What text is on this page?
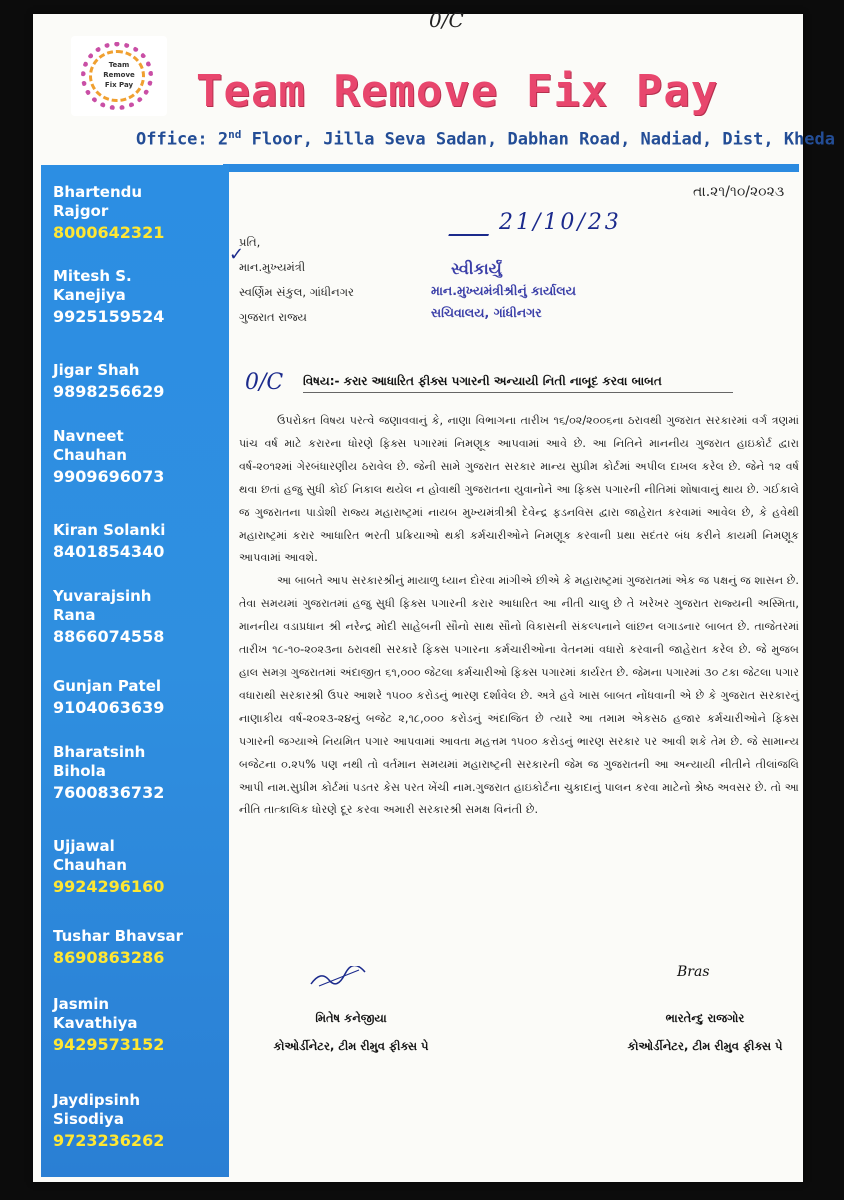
0/C
Team
Remove
Fix Pay Team Remove Fix Pay
Office: 2nd Floor, Jilla Seva Sadan, Dabhan Road, Nadiad, Dist, Kheda
Bhartendu
Rajgor
8000642321
Mitesh S.
Kanejiya
9925159524
Jigar Shah
9898256629
Navneet
Chauhan
9909696073
Kiran Solanki
8401854340
Yuvarajsinh
Rana
8866074558
Gunjan Patel
9104063639
Bharatsinh
Bihola
7600836732
Ujjawal
Chauhan
9924296160
Tushar Bhavsar
8690863286
Jasmin
Kavathiya
9429573152
Jaydipsinh
Sisodiya
9723236262
તા.૨૧/૧૦/૨૦૨૩
✓
પ્રતિ,
માન.મુખ્યમંત્રી
સ્વર્ણિમ સંકુલ, ગાંધીનગર
ગુજરાત રાજ્ય
21/10/23
સ્વીકાર્યું
માન.મુખ્યમંત્રીશ્રીનું કાર્યાલય
સચિવાલય, ગાંધીનગર
0/C વિષય:- કરાર આધારિત ફીક્સ પગારની અન્યાયી નિતી નાબૂદ કરવા બાબત

ઉપરોક્ત વિષય પરત્વે જણાવવાનું કે, નાણા વિભાગના તારીખ ૧૬/૦૨/૨૦૦૬ના ઠરાવથી ગુજરાત સરકારમાં વર્ગ ત્રણમાં પાંચ વર્ષ માટે કરારના ધોરણે ફિક્સ પગારમાં નિમણૂક આપવામાં આવે છે. આ નિતિને માનનીય ગુજરાત હાઇકોર્ટ દ્વારા વર્ષ-૨૦૧૨માં ગેરબંધારણીય ઠરાવેલ છે. જેની સામે ગુજરાત સરકાર માન્ય સુપ્રીમ કોર્ટમાં અપીલ દાખલ કરેલ છે. જેને ૧૨ વર્ષ થવા છતાં હજુ સુધી કોઈ નિકાલ થયેલ ન હોવાથી ગુજરાતના યુવાનોને આ ફિક્સ પગારની નીતિમાં શોષાવાનું થાય છે. ગઈકાલે જ ગુજરાતના પાડોશી રાજ્ય મહારાષ્ટ્રમાં નાયબ મુખ્યમંત્રીશ્રી દેવેન્દ્ર ફડનવિસ દ્વારા જાહેરાત કરવામાં આવેલ છે, કે હવેથી મહારાષ્ટ્રમાં કરાર આધારિત ભરતી પ્રક્રિયાઓ થકી કર્મચારીઓને નિમણૂક કરવાની પ્રથા સદંતર બંધ કરીને કાયમી નિમણૂક આપવામાં આવશે.

આ બાબતે આપ સરકારશ્રીનું માયાળુ ધ્યાન દોરવા માંગીએ છીએ કે મહારાષ્ટ્રમાં ગુજરાતમાં એક જ પક્ષનું જ શાસન છે. તેવા સમયમાં ગુજરાતમાં હજુ સુધી ફિક્સ પગારની કરાર આધારિત આ નીતી ચાલુ છે તે ખરેખર ગુજરાત રાજ્યની અસ્મિતા, માનનીય વડાપ્રધાન શ્રી નરેન્દ્ર મોદી સાહેબની સૌનો સાથ સૌનો વિકાસની સંકલ્પનાને લાંછન લગાડનાર બાબત છે. તાજેતરમાં તારીખ ૧૮-૧૦-૨૦૨૩ના ઠરાવથી સરકારે ફિક્સ પગારના કર્મચારીઓના વેતનમાં વધારો કરવાની જાહેરાત કરેલ છે. જે મુજબ હાલ સમગ્ર ગુજરાતમાં અંદાજીત ૬૧,૦૦૦ જેટલા કર્મચારીઓ ફિક્સ પગારમાં કાર્યરત છે. જેમના પગારમાં ૩૦ ટકા જેટલા પગાર વધારાથી સરકારશ્રી ઉપર આશરે ૧૫૦૦ કરોડનું ભારણ દર્શાવેલ છે. અત્રે હવે ખાસ બાબત નોંધવાની એ છે કે ગુજરાત સરકારનું નાણાકીય વર્ષ-૨૦૨૩-૨૪નું બજેટ ૨,૧૮,૦૦૦ કરોડનું અંદાજિત છે ત્યારે આ તમામ એકસઠ હજાર કર્મચારીઓને ફિક્સ પગારની જગ્યાએ નિયમિત પગાર આપવામાં આવતા મહત્તમ ૧૫૦૦ કરોડનું ભારણ સરકાર પર આવી શકે તેમ છે. જે સામાન્ય બજેટના ૦.૨૫% પણ નથી તો વર્તમાન સમયમાં મહારાષ્ટ્રની સરકારની જેમ જ ગુજરાતની આ અન્યાયી નીતીને તીલાંજલિ આપી નામ.સુપ્રીમ કોર્ટમાં પડતર કેસ પરત ખેંચી નામ.ગુજરાત હાઇકોર્ટના ચુકાદાનું પાલન કરવા માટેનો શ્રેષ્ઠ અવસર છે. તો આ નીતિ તાત્કાલિક ધોરણે દૂર કરવા અમારી સરકારશ્રી સમક્ષ વિનંતી છે.

Bras
મિતેષ કનેજીયા
કોઓર્ડીનેટર, ટીમ રીમુવ ફીક્સ પે
ભારતેન્દુ રાજગોર
કોઓર્ડીનેટર, ટીમ રીમુવ ફીક્સ પે
